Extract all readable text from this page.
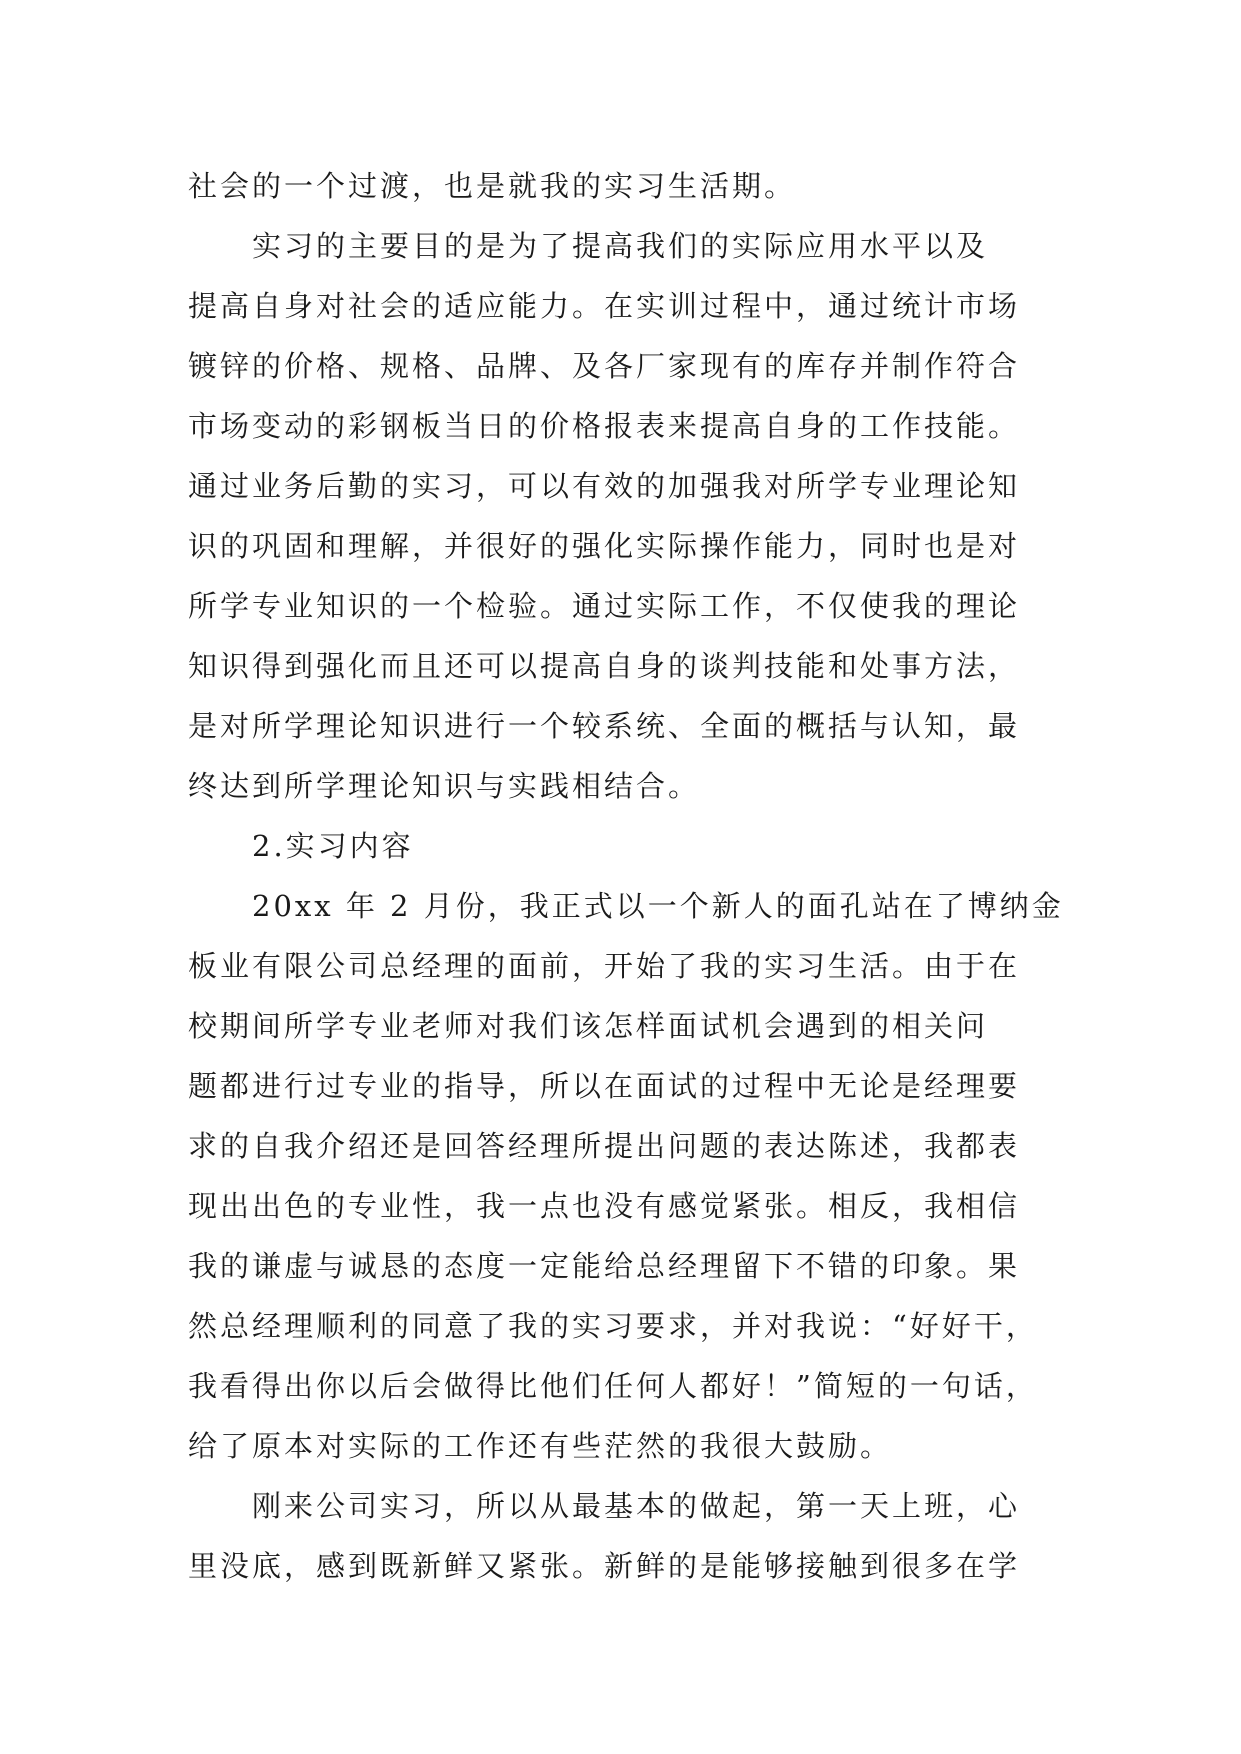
社会的一个过渡，也是就我的实习生活期。
实习的主要目的是为了提高我们的实际应用水平以及
提高自身对社会的适应能力。在实训过程中，通过统计市场
镀锌的价格、规格、品牌、及各厂家现有的库存并制作符合
市场变动的彩钢板当日的价格报表来提高自身的工作技能。
通过业务后勤的实习，可以有效的加强我对所学专业理论知
识的巩固和理解，并很好的强化实际操作能力，同时也是对
所学专业知识的一个检验。通过实际工作，不仅使我的理论
知识得到强化而且还可以提高自身的谈判技能和处事方法，
是对所学理论知识进行一个较系统、全面的概括与认知，最
终达到所学理论知识与实践相结合。
2.实习内容
20xx 年 2 月份，我正式以一个新人的面孔站在了博纳金
板业有限公司总经理的面前，开始了我的实习生活。由于在
校期间所学专业老师对我们该怎样面试机会遇到的相关问
题都进行过专业的指导，所以在面试的过程中无论是经理要
求的自我介绍还是回答经理所提出问题的表达陈述，我都表
现出出色的专业性，我一点也没有感觉紧张。相反，我相信
我的谦虚与诚恳的态度一定能给总经理留下不错的印象。果
然总经理顺利的同意了我的实习要求，并对我说：“好好干，
我看得出你以后会做得比他们任何人都好！”简短的一句话，
给了原本对实际的工作还有些茫然的我很大鼓励。
刚来公司实习，所以从最基本的做起，第一天上班，心
里没底，感到既新鲜又紧张。新鲜的是能够接触到很多在学
